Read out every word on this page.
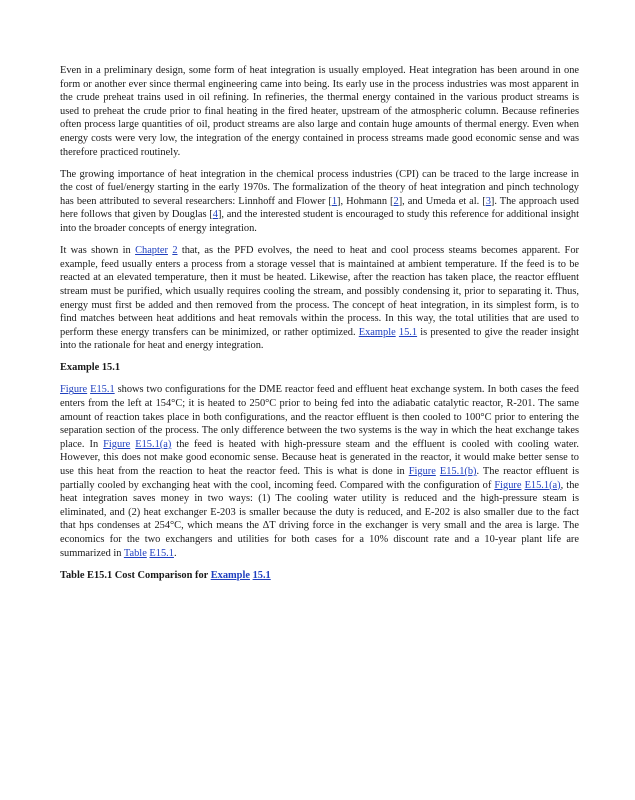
Even in a preliminary design, some form of heat integration is usually employed. Heat integration has been around in one form or another ever since thermal engineering came into being. Its early use in the process industries was most apparent in the crude preheat trains used in oil refining. In refineries, the thermal energy contained in the various product streams is used to preheat the crude prior to final heating in the fired heater, upstream of the atmospheric column. Because refineries often process large quantities of oil, product streams are also large and contain huge amounts of thermal energy. Even when energy costs were very low, the integration of the energy contained in process streams made good economic sense and was therefore practiced routinely.

The growing importance of heat integration in the chemical process industries (CPI) can be traced to the large increase in the cost of fuel/energy starting in the early 1970s. The formalization of the theory of heat integration and pinch technology has been attributed to several researchers: Linnhoff and Flower [1], Hohmann [2], and Umeda et al. [3]. The approach used here follows that given by Douglas [4], and the interested student is encouraged to study this reference for additional insight into the broader concepts of energy integration.

It was shown in Chapter 2 that, as the PFD evolves, the need to heat and cool process steams becomes apparent. For example, feed usually enters a process from a storage vessel that is maintained at ambient temperature. If the feed is to be reacted at an elevated temperature, then it must be heated. Likewise, after the reaction has taken place, the reactor effluent stream must be purified, which usually requires cooling the stream, and possibly condensing it, prior to separating it. Thus, energy must first be added and then removed from the process. The concept of heat integration, in its simplest form, is to find matches between heat additions and heat removals within the process. In this way, the total utilities that are used to perform these energy transfers can be minimized, or rather optimized. Example 15.1 is presented to give the reader insight into the rationale for heat and energy integration.

Example 15.1

Figure E15.1 shows two configurations for the DME reactor feed and effluent heat exchange system. In both cases the feed enters from the left at 154°C; it is heated to 250°C prior to being fed into the adiabatic catalytic reactor, R-201. The same amount of reaction takes place in both configurations, and the reactor effluent is then cooled to 100°C prior to entering the separation section of the process. The only difference between the two systems is the way in which the heat exchange takes place. In Figure E15.1(a) the feed is heated with high-pressure steam and the effluent is cooled with cooling water. However, this does not make good economic sense. Because heat is generated in the reactor, it would make better sense to use this heat from the reaction to heat the reactor feed. This is what is done in Figure E15.1(b). The reactor effluent is partially cooled by exchanging heat with the cool, incoming feed. Compared with the configuration of Figure E15.1(a), the heat integration saves money in two ways: (1) The cooling water utility is reduced and the high-pressure steam is eliminated, and (2) heat exchanger E-203 is smaller because the duty is reduced, and E-202 is also smaller due to the fact that hps condenses at 254°C, which means the ΔT driving force in the exchanger is very small and the area is large. The economics for the two exchangers and utilities for both cases for a 10% discount rate and a 10-year plant life are summarized in Table E15.1.

Table E15.1 Cost Comparison for Example 15.1
